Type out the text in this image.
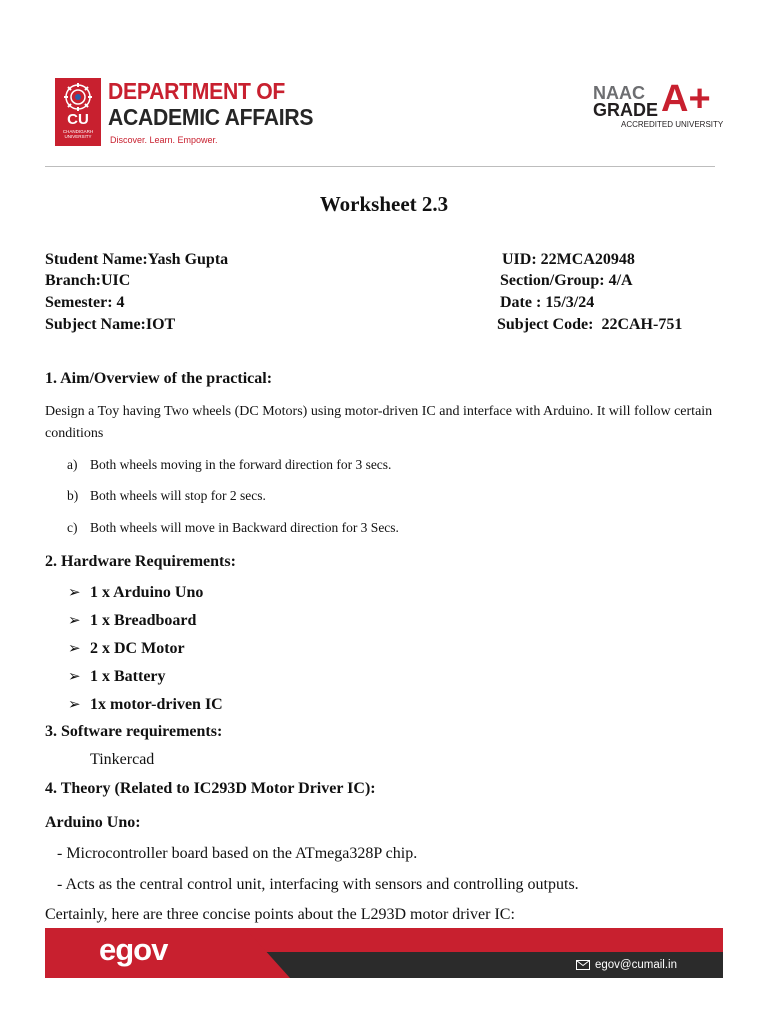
CU
CHANDIGARH UNIVERSITY
DEPARTMENT OF
ACADEMIC AFFAIRS
Discover. Learn. Empower.
NAAC
GRADE A+
ACCREDITED UNIVERSITY
Worksheet 2.3
Student Name:Yash Gupta
Branch:UIC
Semester: 4
Subject Name:IOT
UID: 22MCA20948
Section/Group: 4/A
Date : 15/3/24
Subject Code:  22CAH-751
1. Aim/Overview of the practical:
Design a Toy having Two wheels (DC Motors) using motor-driven IC and interface with Arduino. It will follow certain conditions
a) Both wheels moving in the forward direction for 3 secs.
b) Both wheels will stop for 2 secs.
c) Both wheels will move in Backward direction for 3 Secs.
2. Hardware Requirements:
➢ 1 x Arduino Uno
➢ 1 x Breadboard
➢ 2 x DC Motor
➢ 1 x Battery
➢ 1x motor-driven IC
3. Software requirements:
Tinkercad
4. Theory (Related to IC293D Motor Driver IC):
Arduino Uno:
- Microcontroller board based on the ATmega328P chip.
- Acts as the central control unit, interfacing with sensors and controlling outputs.
Certainly, here are three concise points about the L293D motor driver IC:
egov	egov@cumail.in
